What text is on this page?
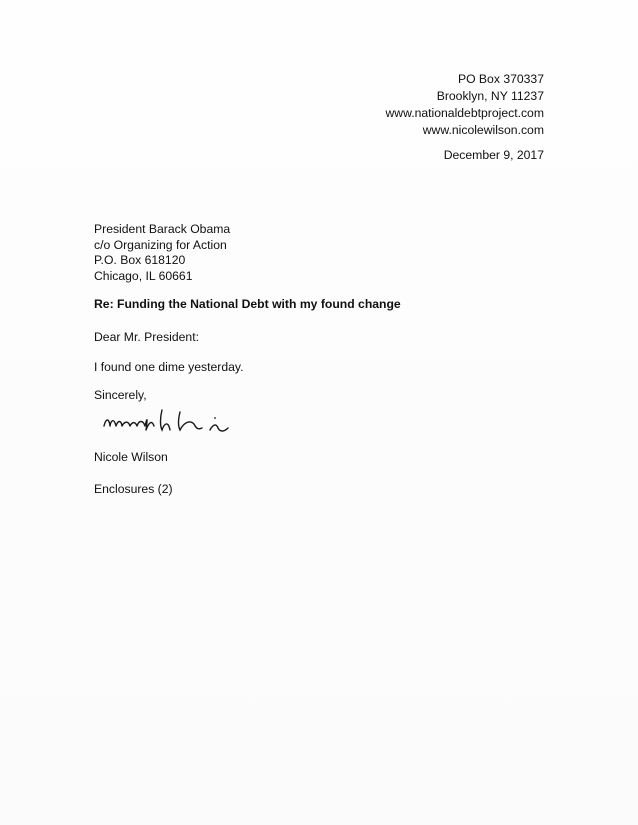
PO Box 370337
Brooklyn, NY 11237
www.nationaldebtproject.com
www.nicolewilson.com
December 9, 2017
President Barack Obama
c/o Organizing for Action
P.O. Box 618120
Chicago, IL 60661
Re: Funding the National Debt with my found change
Dear Mr. President:
I found one dime yesterday.
Sincerely,
Nicole Wilson
Enclosures (2)
